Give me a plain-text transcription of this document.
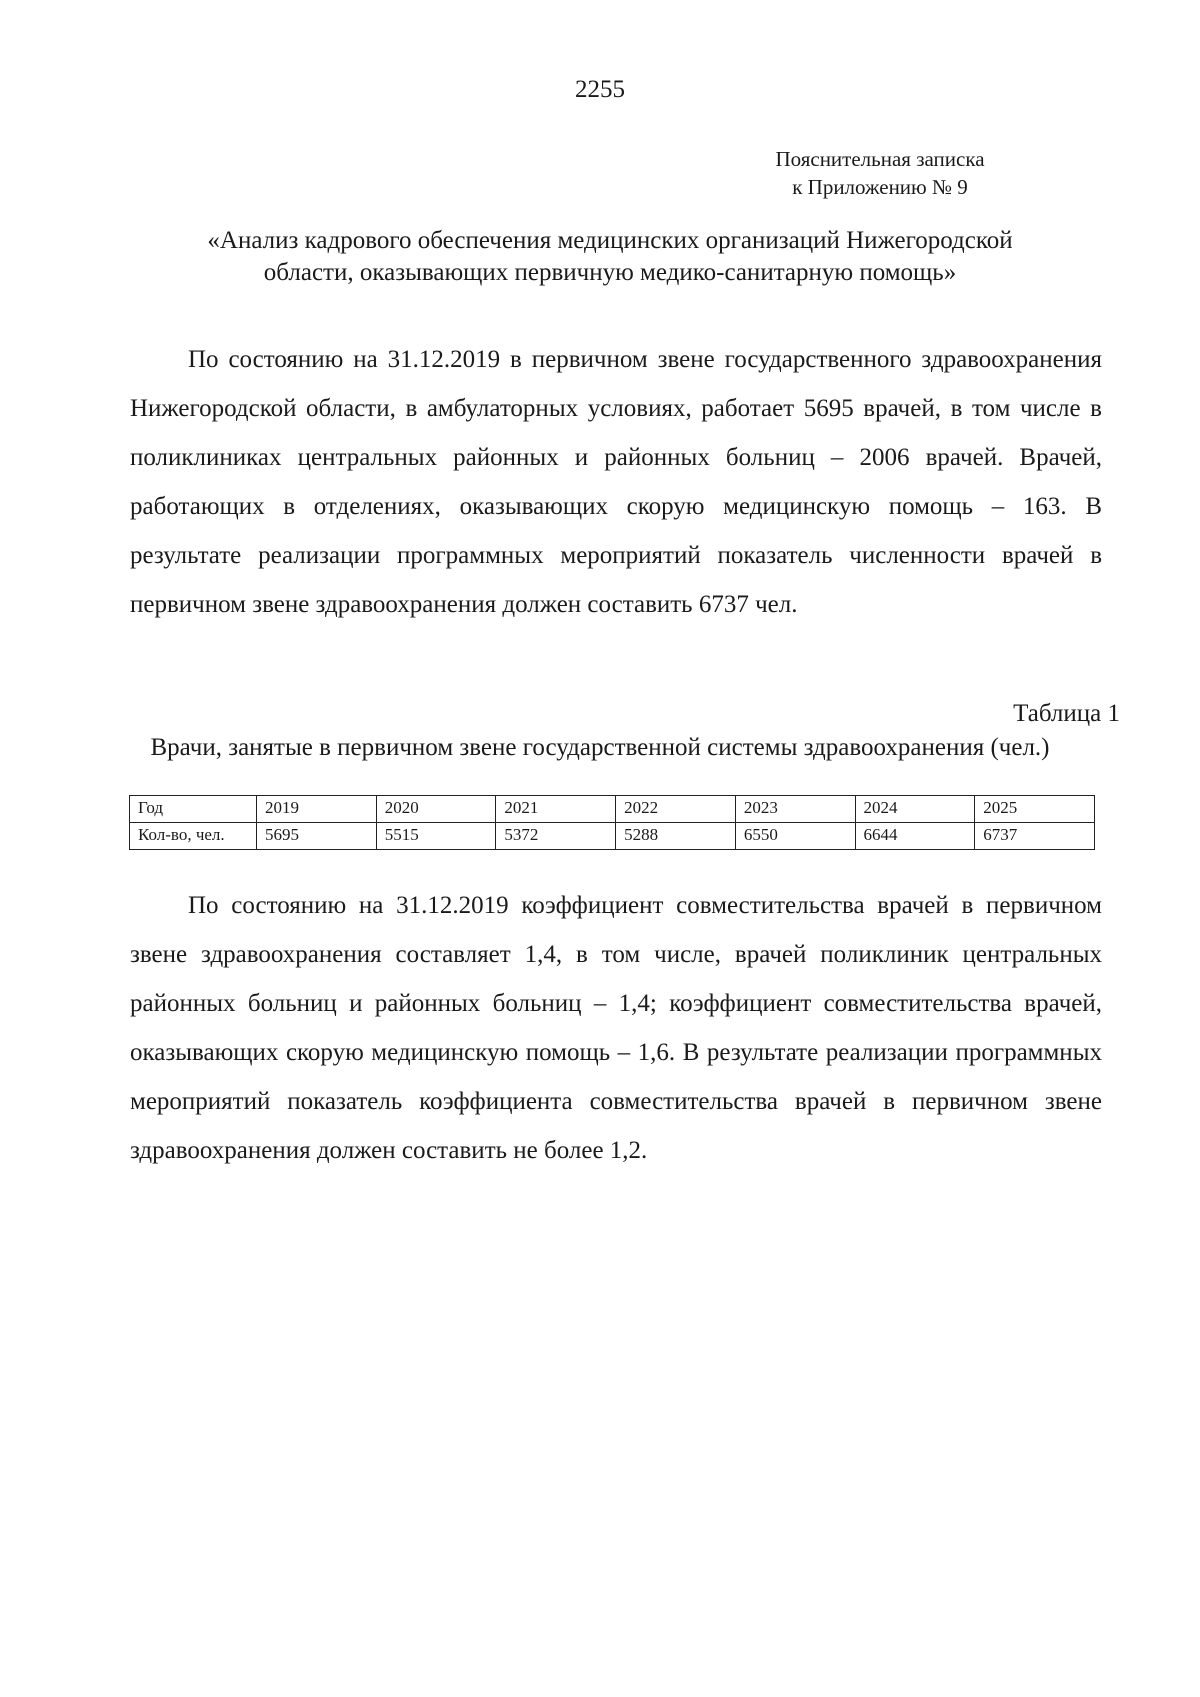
2255
Пояснительная записка
к Приложению № 9
«Анализ кадрового обеспечения медицинских организаций Нижегородской
области, оказывающих первичную медико-санитарную помощь»

По состоянию на 31.12.2019 в первичном звене государственного здравоохранения Нижегородской области, в амбулаторных условиях, работает 5695 врачей, в том числе в поликлиниках центральных районных и районных больниц – 2006 врачей. Врачей, работающих в отделениях, оказывающих скорую медицинскую помощь – 163. В результате реализации программных мероприятий показатель численности врачей в первичном звене здравоохранения должен составить 6737 чел.

Таблица 1
Врачи, занятые в первичном звене государственной системы здравоохранения (чел.)
Год	2019	2020	2021	2022	2023	2024	2025
Кол-во, чел.	5695	5515	5372	5288	6550	6644	6737

По состоянию на 31.12.2019 коэффициент совместительства врачей в первичном звене здравоохранения составляет 1,4, в том числе, врачей поликлиник центральных районных больниц и районных больниц – 1,4; коэффициент совместительства врачей, оказывающих скорую медицинскую помощь – 1,6. В результате реализации программных мероприятий показатель коэффициента совместительства врачей в первичном звене здравоохранения должен составить не более 1,2.
